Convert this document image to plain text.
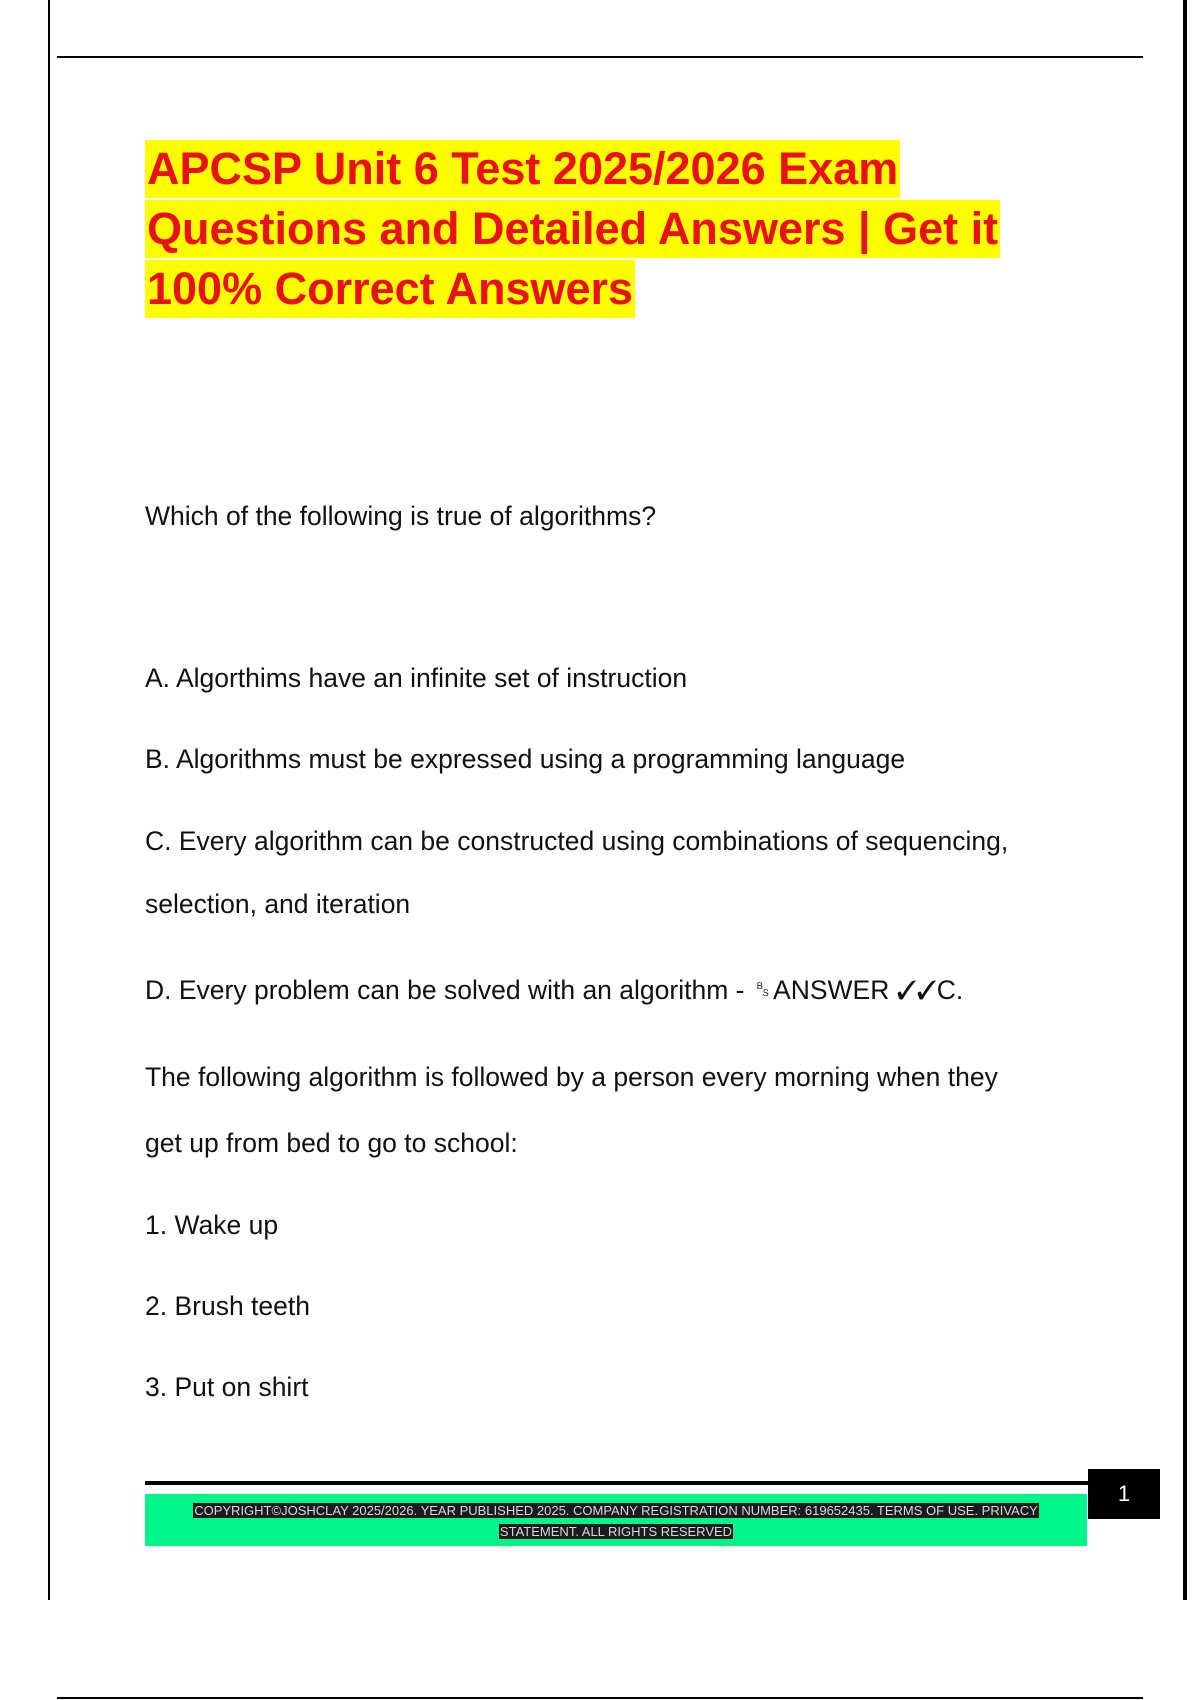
APCSP Unit 6 Test 2025/2026 Exam
Questions and Detailed Answers | Get it
100% Correct Answers
Which of the following is true of algorithms?
A. Algorthims have an infinite set of instruction
B. Algorithms must be expressed using a programming language
C. Every algorithm can be constructed using combinations of sequencing,
selection, and iteration
D. Every problem can be solved with an algorithm - ␈ANSWER ✓✓C.
The following algorithm is followed by a person every morning when they
get up from bed to go to school:
1. Wake up
2. Brush teeth
3. Put on shirt
COPYRIGHT©JOSHCLAY 2025/2026. YEAR PUBLISHED 2025. COMPANY REGISTRATION NUMBER: 619652435. TERMS OF USE. PRIVACY
STATEMENT. ALL RIGHTS RESERVED
1
